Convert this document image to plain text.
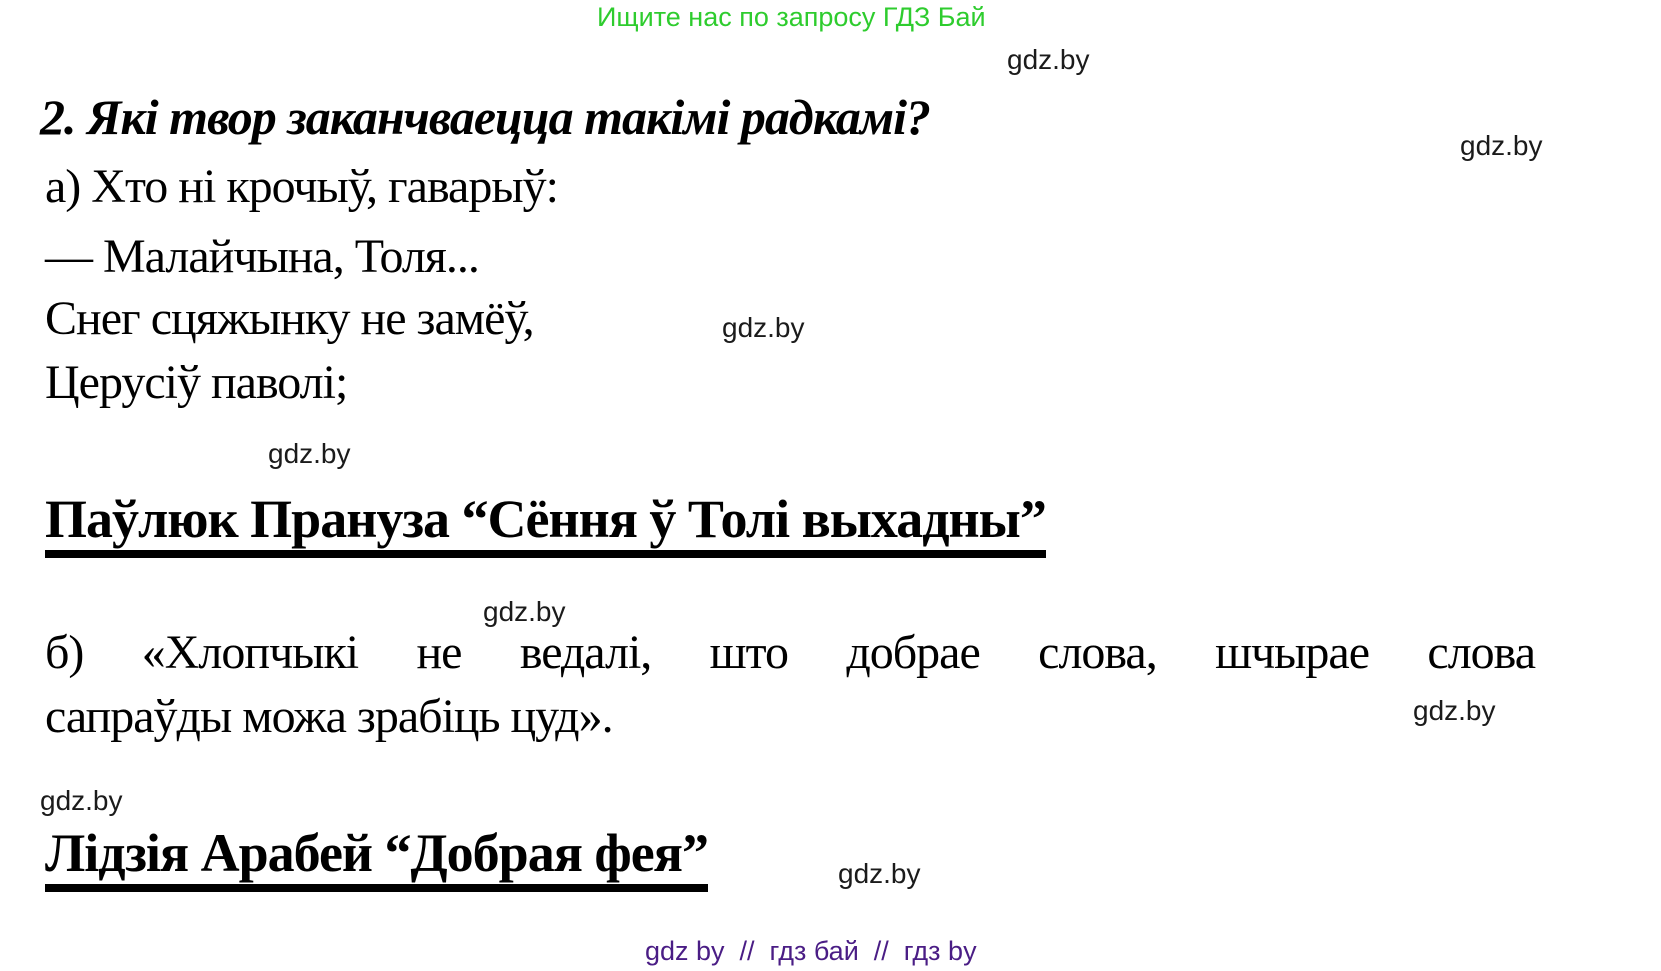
Ищите нас по запросу ГДЗ Бай
gdz.by
2. Які твор заканчваецца такімі радкамі?
gdz.by
а) Хто ні крочыў, гаварыў:
— Малайчына, Толя...
Снег сцяжынку не замёў,	gdz.by
Церусіў паволі;
gdz.by
Паўлюк Прануза “Сёння ў Толі выхадны”
gdz.by
б) «Хлопчыкі не ведалі, што добрае слова, шчырае слова
сапраўды можа зрабіць цуд».	gdz.by
gdz.by
Лідзія Арабей “Добрая фея”	gdz.by
gdz by  //  гдз бай  //  гдз by
